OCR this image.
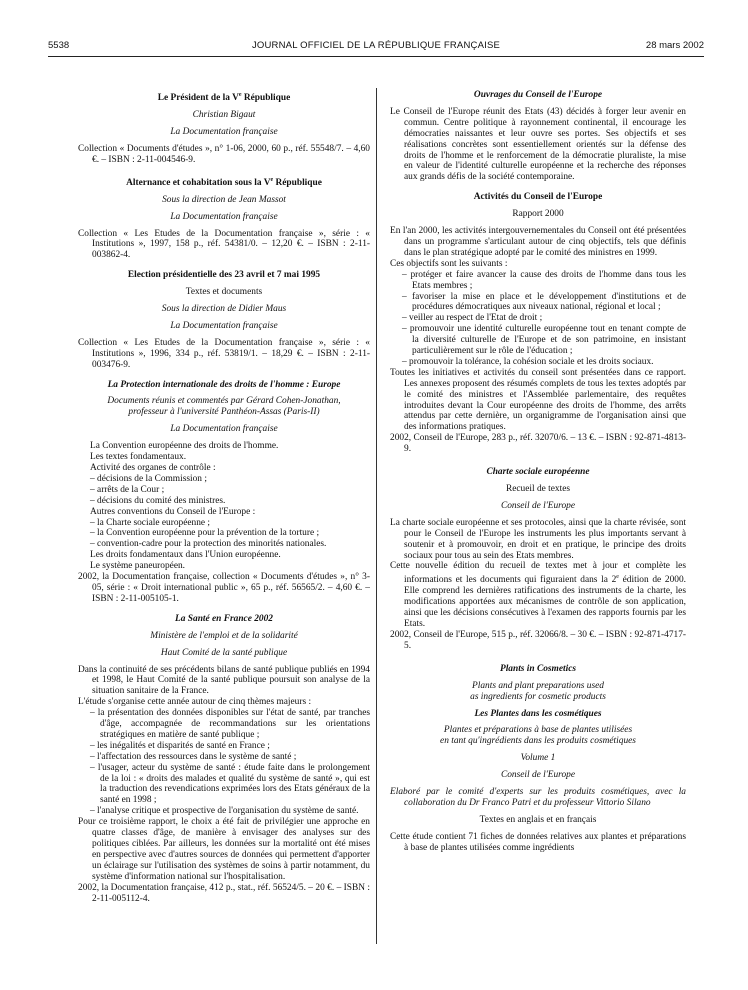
5538	JOURNAL OFFICIEL DE LA RÉPUBLIQUE FRANÇAISE	28 mars 2002

Le Président de la Ve République

Christian Bigaut

La Documentation française

Collection « Documents d'études », n° 1-06, 2000, 60 p., réf. 55548/7. – 4,60 €. – ISBN : 2-11-004546-9.

Alternance et cohabitation sous la Ve République

Sous la direction de Jean Massot

La Documentation française

Collection « Les Etudes de la Documentation française », série : « Institutions », 1997, 158 p., réf. 54381/0. – 12,20 €. – ISBN : 2-11-003862-4.

Election présidentielle des 23 avril et 7 mai 1995

Textes et documents

Sous la direction de Didier Maus

La Documentation française

Collection « Les Etudes de la Documentation française », série : « Institutions », 1996, 334 p., réf. 53819/1. – 18,29 €. – ISBN : 2-11-003476-9.

La Protection internationale des droits de l'homme : Europe

Documents réunis et commentés par Gérard Cohen-Jonathan,

professeur à l'université Panthéon-Assas (Paris-II)

La Documentation française

La Convention européenne des droits de l'homme.

Les textes fondamentaux.

Activité des organes de contrôle :

– décisions de la Commission ;

– arrêts de la Cour ;

– décisions du comité des ministres.

Autres conventions du Conseil de l'Europe :

– la Charte sociale européenne ;

– la Convention européenne pour la prévention de la torture ;

– convention-cadre pour la protection des minorités nationales.

Les droits fondamentaux dans l'Union européenne.

Le système paneuropéen.

2002, la Documentation française, collection « Documents d'études », n° 3-05, série : « Droit international public », 65 p., réf. 56565/2. – 4,60 €. – ISBN : 2-11-005105-1.

La Santé en France 2002

Ministère de l'emploi et de la solidarité

Haut Comité de la santé publique

Dans la continuité de ses précédents bilans de santé publique publiés en 1994 et 1998, le Haut Comité de la santé publique poursuit son analyse de la situation sanitaire de la France.

L'étude s'organise cette année autour de cinq thèmes majeurs :

– la présentation des données disponibles sur l'état de santé, par tranches d'âge, accompagnée de recommandations sur les orientations stratégiques en matière de santé publique ;

– les inégalités et disparités de santé en France ;

– l'affectation des ressources dans le système de santé ;

– l'usager, acteur du système de santé : étude faite dans le prolongement de la loi : « droits des malades et qualité du système de santé », qui est la traduction des revendications exprimées lors des Etats généraux de la santé en 1998 ;

– l'analyse critique et prospective de l'organisation du système de santé.

Pour ce troisième rapport, le choix a été fait de privilégier une approche en quatre classes d'âge, de manière à envisager des analyses sur des politiques ciblées. Par ailleurs, les données sur la mortalité ont été mises en perspective avec d'autres sources de données qui permettent d'apporter un éclairage sur l'utilisation des systèmes de soins à partir notamment, du système d'information national sur l'hospitalisation.

2002, la Documentation française, 412 p., stat., réf. 56524/5. – 20 €. – ISBN : 2-11-005112-4.

Ouvrages du Conseil de l'Europe

Le Conseil de l'Europe réunit des Etats (43) décidés à forger leur avenir en commun. Centre politique à rayonnement continental, il encourage les démocraties naissantes et leur ouvre ses portes. Ses objectifs et ses réalisations concrètes sont essentiellement orientés sur la défense des droits de l'homme et le renforcement de la démocratie pluraliste, la mise en valeur de l'identité culturelle européenne et la recherche des réponses aux grands défis de la société contemporaine.

Activités du Conseil de l'Europe

Rapport 2000

En l'an 2000, les activités intergouvernementales du Conseil ont été présentées dans un programme s'articulant autour de cinq objectifs, tels que définis dans le plan stratégique adopté par le comité des ministres en 1999.

Ces objectifs sont les suivants :

– protéger et faire avancer la cause des droits de l'homme dans tous les Etats membres ;

– favoriser la mise en place et le développement d'institutions et de procédures démocratiques aux niveaux national, régional et local ;

– veiller au respect de l'Etat de droit ;

– promouvoir une identité culturelle européenne tout en tenant compte de la diversité culturelle de l'Europe et de son patrimoine, en insistant particulièrement sur le rôle de l'éducation ;

– promouvoir la tolérance, la cohésion sociale et les droits sociaux.

Toutes les initiatives et activités du conseil sont présentées dans ce rapport. Les annexes proposent des résumés complets de tous les textes adoptés par le comité des ministres et l'Assemblée parlementaire, des requêtes introduites devant la Cour européenne des droits de l'homme, des arrêts attendus par cette dernière, un organigramme de l'organisation ainsi que des informations pratiques.

2002, Conseil de l'Europe, 283 p., réf. 32070/6. – 13 €. – ISBN : 92-871-4813-9.

Charte sociale européenne

Recueil de textes

Conseil de l'Europe

La charte sociale européenne et ses protocoles, ainsi que la charte révisée, sont pour le Conseil de l'Europe les instruments les plus importants servant à soutenir et à promouvoir, en droit et en pratique, le principe des droits sociaux pour tous au sein des Etats membres.

Cette nouvelle édition du recueil de textes met à jour et complète les informations et les documents qui figuraient dans la 2e édition de 2000. Elle comprend les dernières ratifications des instruments de la charte, les modifications apportées aux mécanismes de contrôle de son application, ainsi que les décisions consécutives à l'examen des rapports fournis par les Etats.

2002, Conseil de l'Europe, 515 p., réf. 32066/8. – 30 €. – ISBN : 92-871-4717-5.

Plants in Cosmetics

Plants and plant preparations used

as ingredients for cosmetic products

Les Plantes dans les cosmétiques

Plantes et préparations à base de plantes utilisées

en tant qu'ingrédients dans les produits cosmétiques

Volume 1

Conseil de l'Europe

Elaboré par le comité d'experts sur les produits cosmétiques, avec la collaboration du Dr Franco Patri et du professeur Vittorio Silano

Textes en anglais et en français

Cette étude contient 71 fiches de données relatives aux plantes et préparations à base de plantes utilisées comme ingrédients
